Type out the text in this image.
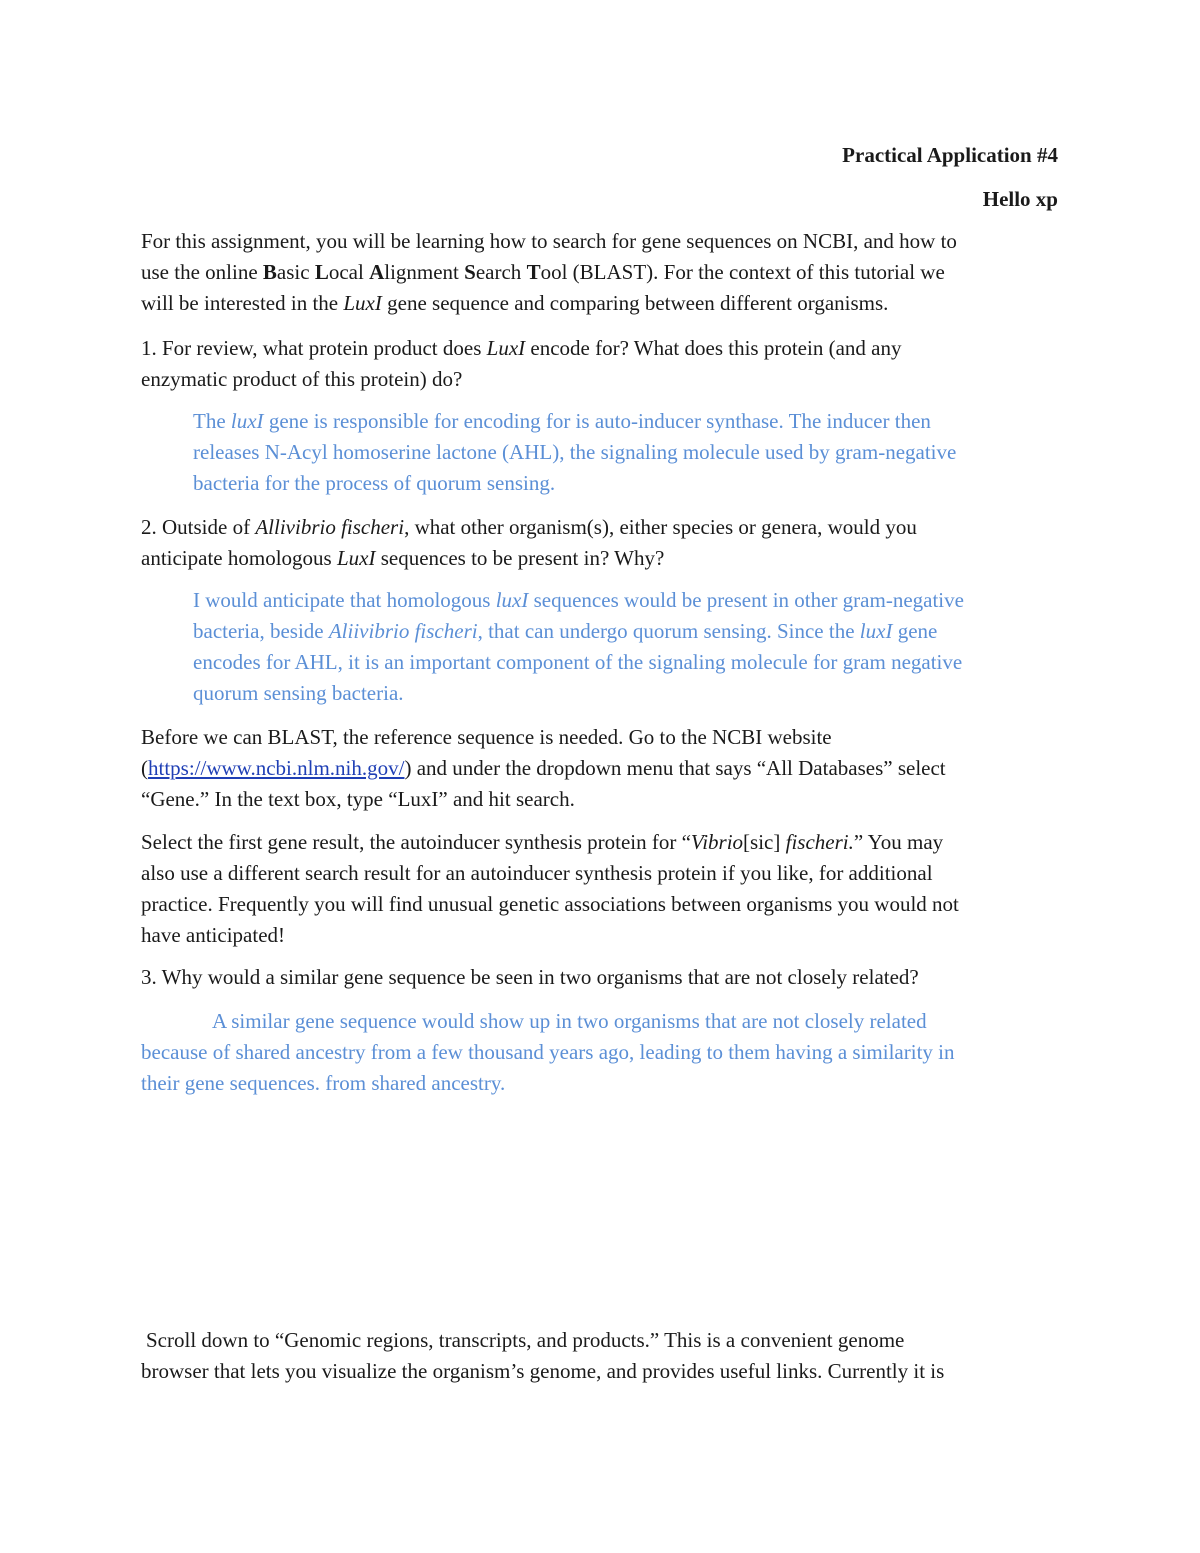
Practical Application #4
Hello xp
For this assignment, you will be learning how to search for gene sequences on NCBI, and how to
use the online Basic Local Alignment Search Tool (BLAST). For the context of this tutorial we
will be interested in the LuxI gene sequence and comparing between different organisms.
1. For review, what protein product does LuxI encode for? What does this protein (and any
enzymatic product of this protein) do?
The luxI gene is responsible for encoding for is auto-inducer synthase. The inducer then
releases N-Acyl homoserine lactone (AHL), the signaling molecule used by gram-negative
bacteria for the process of quorum sensing.
2. Outside of Allivibrio fischeri, what other organism(s), either species or genera, would you
anticipate homologous LuxI sequences to be present in? Why?
I would anticipate that homologous luxI sequences would be present in other gram-negative
bacteria, beside Aliivibrio fischeri, that can undergo quorum sensing. Since the luxI gene
encodes for AHL, it is an important component of the signaling molecule for gram negative
quorum sensing bacteria.
Before we can BLAST, the reference sequence is needed. Go to the NCBI website
(https://www.ncbi.nlm.nih.gov/) and under the dropdown menu that says “All Databases” select
“Gene.” In the text box, type “LuxI” and hit search.
Select the first gene result, the autoinducer synthesis protein for “Vibrio[sic] fischeri.” You may
also use a different search result for an autoinducer synthesis protein if you like, for additional
practice. Frequently you will find unusual genetic associations between organisms you would not
have anticipated!
3. Why would a similar gene sequence be seen in two organisms that are not closely related?
A similar gene sequence would show up in two organisms that are not closely related
because of shared ancestry from a few thousand years ago, leading to them having a similarity in
their gene sequences. from shared ancestry.
Scroll down to “Genomic regions, transcripts, and products.” This is a convenient genome
browser that lets you visualize the organism’s genome, and provides useful links. Currently it is
